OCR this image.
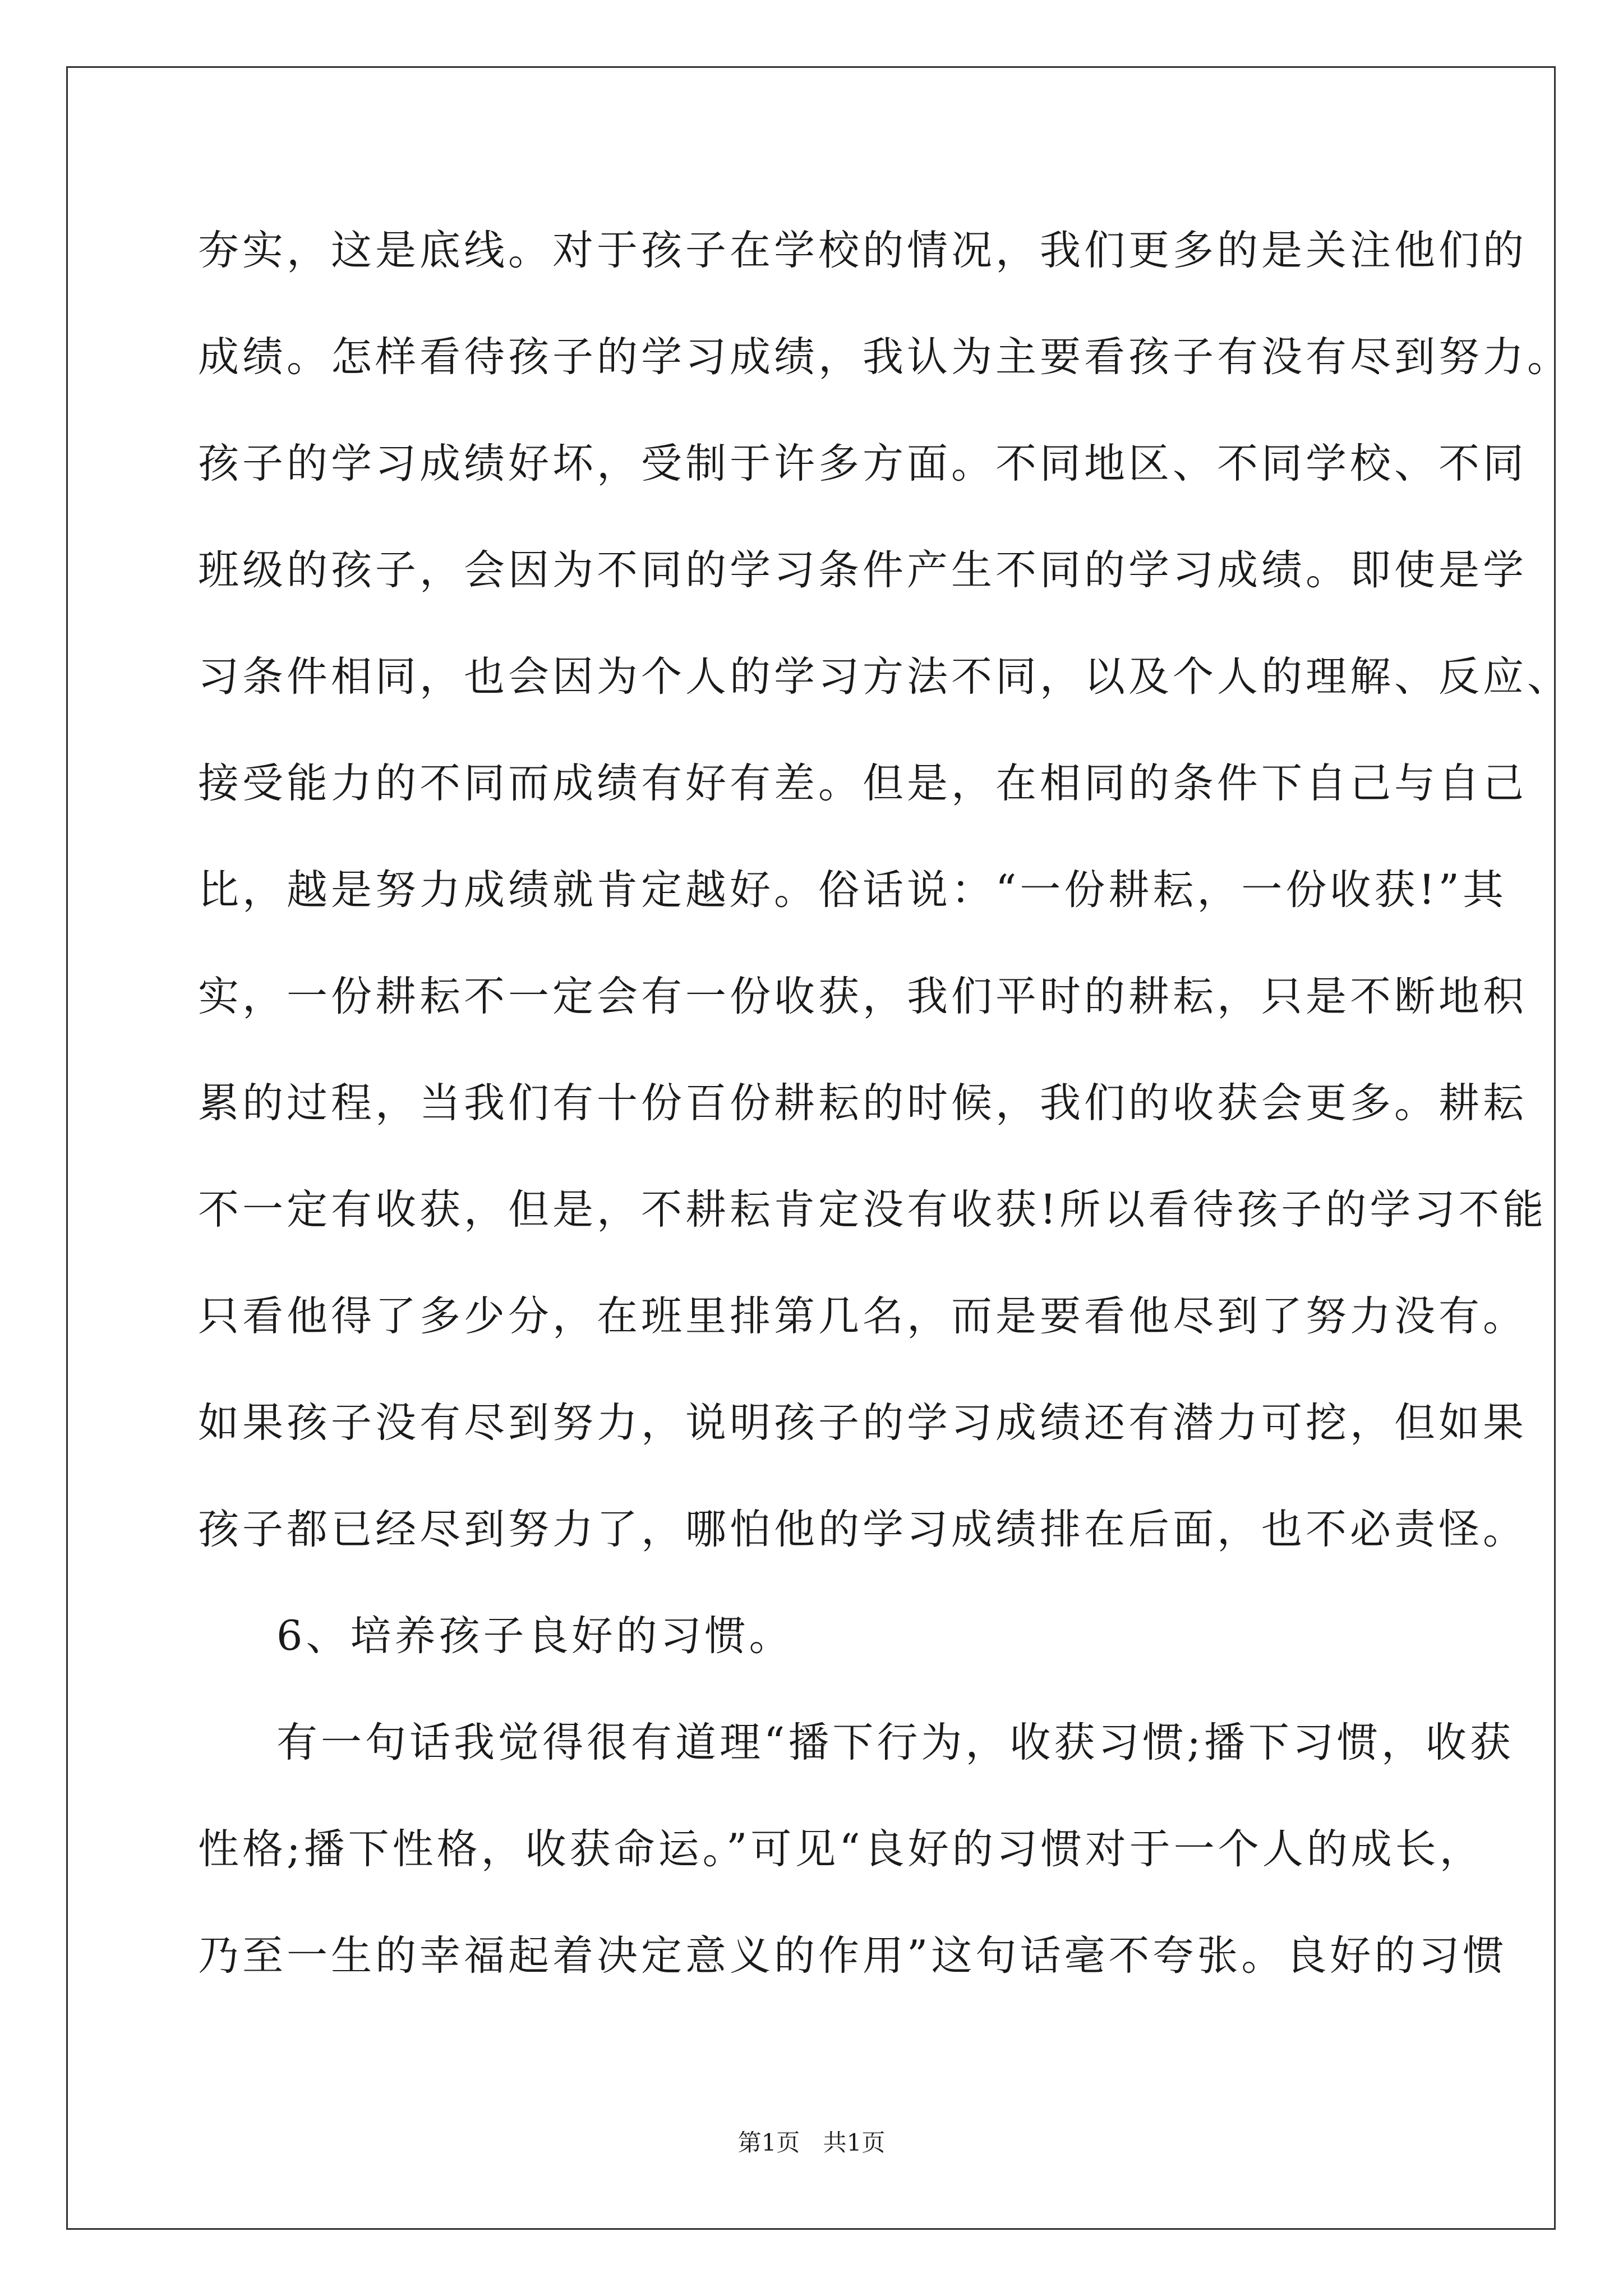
夯实，这是底线。对于孩子在学校的情况，我们更多的是关注他们的
成绩。怎样看待孩子的学习成绩，我认为主要看孩子有没有尽到努力。
孩子的学习成绩好坏，受制于许多方面。不同地区、不同学校、不同
班级的孩子，会因为不同的学习条件产生不同的学习成绩。即使是学
习条件相同，也会因为个人的学习方法不同，以及个人的理解、反应、
接受能力的不同而成绩有好有差。但是，在相同的条件下自己与自己
比，越是努力成绩就肯定越好。俗话说：“一份耕耘，一份收获!”其
实，一份耕耘不一定会有一份收获，我们平时的耕耘，只是不断地积
累的过程，当我们有十份百份耕耘的时候，我们的收获会更多。耕耘
不一定有收获，但是，不耕耘肯定没有收获!所以看待孩子的学习不能
只看他得了多少分，在班里排第几名，而是要看他尽到了努力没有。
如果孩子没有尽到努力，说明孩子的学习成绩还有潜力可挖，但如果
孩子都已经尽到努力了，哪怕他的学习成绩排在后面，也不必责怪。
6、培养孩子良好的习惯。
有一句话我觉得很有道理“播下行为，收获习惯;播下习惯，收获
性格;播下性格，收获命运。”可见“良好的习惯对于一个人的成长，
乃至一生的幸福起着决定意义的作用”这句话毫不夸张。良好的习惯
第1页 共1页
